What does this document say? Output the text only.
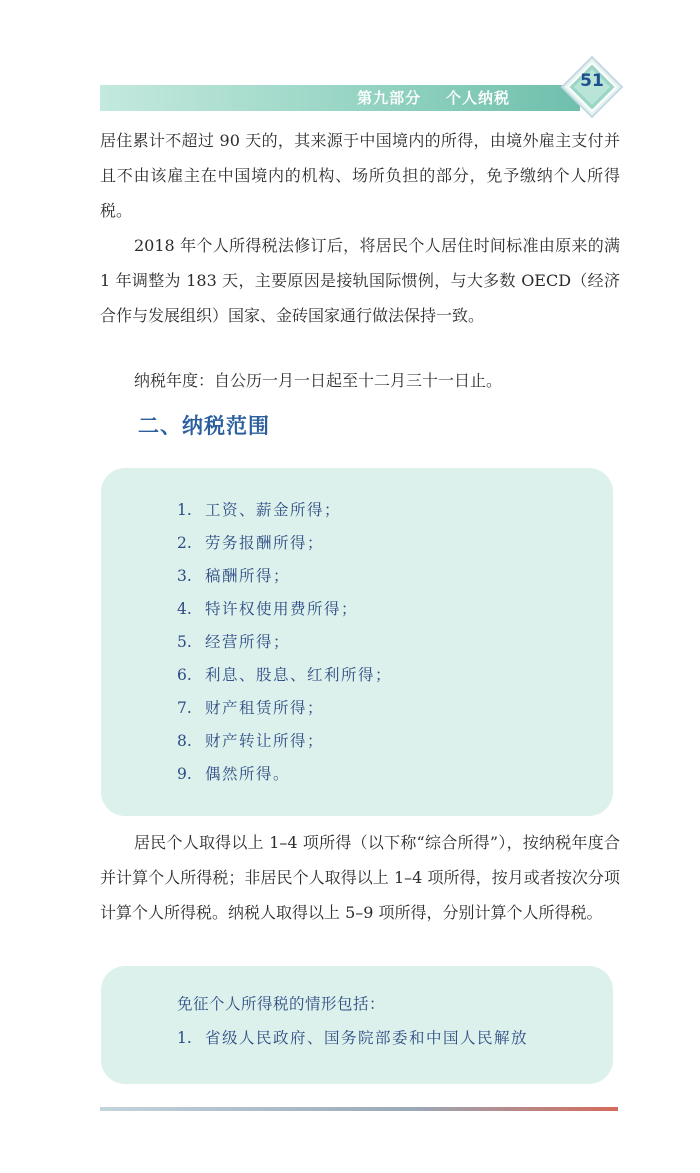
第九部分    个人纳税
51

居住累计不超过 90 天的，其来源于中国境内的所得，由境外雇主支付并且不由该雇主在中国境内的机构、场所负担的部分，免予缴纳个人所得税。

2018 年个人所得税法修订后，将居民个人居住时间标准由原来的满 1 年调整为 183 天，主要原因是接轨国际惯例，与大多数 OECD（经济合作与发展组织）国家、金砖国家通行做法保持一致。

纳税年度：自公历一月一日起至十二月三十一日止。

二、纳税范围
1. 工资、薪金所得；
2. 劳务报酬所得；
3. 稿酬所得；
4. 特许权使用费所得；
5. 经营所得；
6. 利息、股息、红利所得；
7. 财产租赁所得；
8. 财产转让所得；
9. 偶然所得。

居民个人取得以上 1–4 项所得（以下称“综合所得”），按纳税年度合并计算个人所得税；非居民个人取得以上 1–4 项所得，按月或者按次分项计算个人所得税。纳税人取得以上 5–9 项所得，分别计算个人所得税。

免征个人所得税的情形包括：
1. 省级人民政府、国务院部委和中国人民解放
